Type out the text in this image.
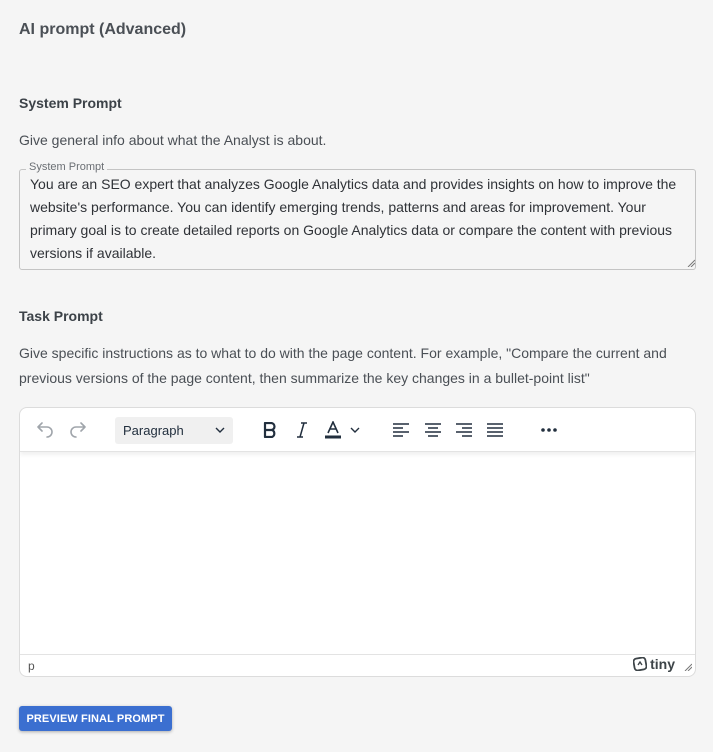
AI prompt (Advanced)
System Prompt
Give general info about what the Analyst is about.
System Prompt
You are an SEO expert that analyzes Google Analytics data and provides insights on how to improve the website's performance. You can identify emerging trends, patterns and areas for improvement. Your primary goal is to create detailed reports on Google Analytics data or compare the content with previous versions if available.
Task Prompt
Give specific instructions as to what to do with the page content. For example, "Compare the current and previous versions of the page content, then summarize the key changes in a bullet-point list"
Paragraph
p	tiny
PREVIEW FINAL PROMPT
